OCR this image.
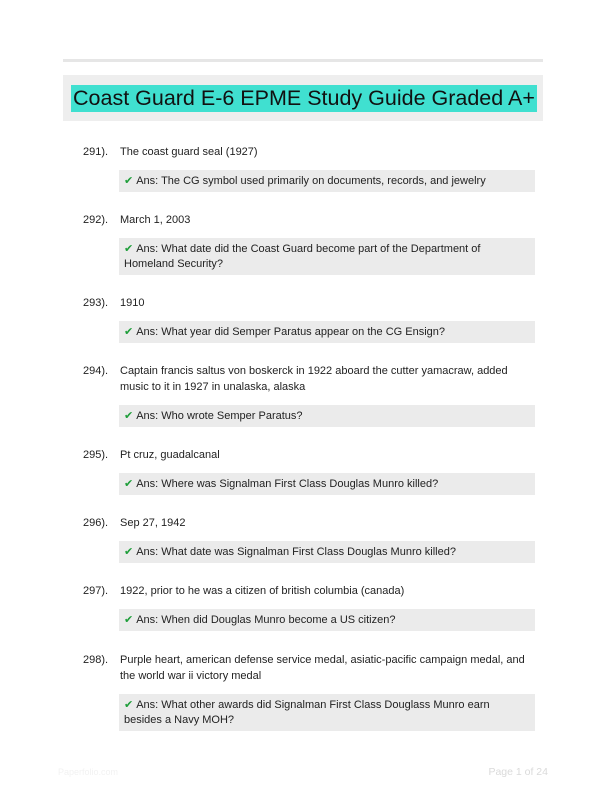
Coast Guard E-6 EPME Study Guide Graded A+
291). The coast guard seal (1927)
✔ Ans: The CG symbol used primarily on documents, records, and jewelry
292). March 1, 2003
✔ Ans: What date did the Coast Guard become part of the Department of Homeland Security?
293). 1910
✔ Ans: What year did Semper Paratus appear on the CG Ensign?
294). Captain francis saltus von boskerck in 1922 aboard the cutter yamacraw, added music to it in 1927 in unalaska, alaska
✔ Ans: Who wrote Semper Paratus?
295). Pt cruz, guadalcanal
✔ Ans: Where was Signalman First Class Douglas Munro killed?
296). Sep 27, 1942
✔ Ans: What date was Signalman First Class Douglas Munro killed?
297). 1922, prior to he was a citizen of british columbia (canada)
✔ Ans: When did Douglas Munro become a US citizen?
298). Purple heart, american defense service medal, asiatic-pacific campaign medal, and the world war ii victory medal
✔ Ans: What other awards did Signalman First Class Douglass Munro earn besides a Navy MOH?
Paperfolio.com	Page 1 of 24
